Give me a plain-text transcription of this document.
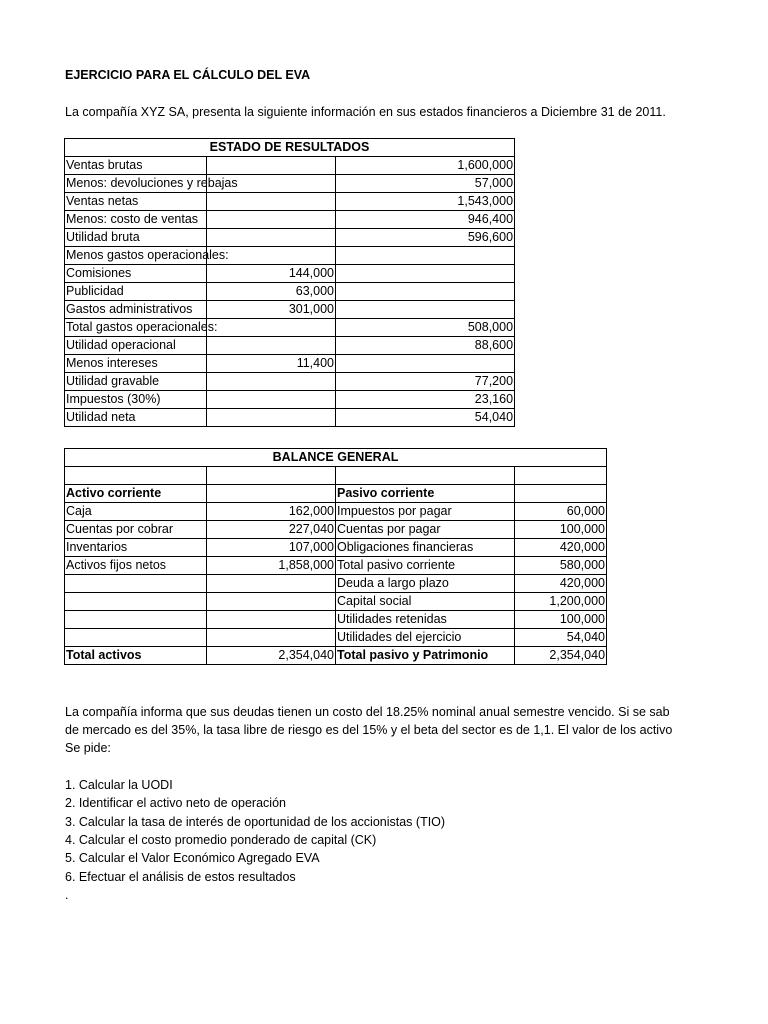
EJERCICIO PARA EL CÁLCULO DEL EVA
La compañía XYZ SA, presenta la siguiente información en sus estados financieros a Diciembre 31 de 2011.
ESTADO DE RESULTADOS		
Ventas brutas		1,600,000
Menos: devoluciones y rebajas		57,000
Ventas netas		1,543,000
Menos: costo de ventas		946,400
Utilidad bruta		596,600
Menos gastos operacionales:		
Comisiones	144,000	
Publicidad	63,000	
Gastos administrativos	301,000	
Total gastos operacionales:		508,000
Utilidad operacional		88,600
Menos intereses	11,400	
Utilidad gravable		77,200
Impuestos (30%)		23,160
Utilidad neta		54,040
BALANCE GENERAL			

Activo corriente		Pasivo corriente	
Caja	162,000	Impuestos por pagar	60,000
Cuentas por cobrar	227,040	Cuentas por pagar	100,000
Inventarios	107,000	Obligaciones financieras	420,000
Activos fijos netos	1,858,000	Total pasivo corriente	580,000
		Deuda a largo plazo	420,000
		Capital social	1,200,000
		Utilidades retenidas	100,000
		Utilidades del ejercicio	54,040
Total activos	2,354,040	Total pasivo y Patrimonio	2,354,040
La compañía informa que sus deudas tienen un costo del 18.25% nominal anual semestre vencido. Si se sab
de mercado es del 35%, la tasa libre de riesgo es del 15% y el beta del sector es de 1,1. El valor de los activo
Se pide:
1. Calcular la UODI
2. Identificar el activo neto de operación
3. Calcular la tasa de interés de oportunidad de los accionistas (TIO)
4. Calcular el costo promedio ponderado de capital (CK)
5. Calcular el Valor Económico Agregado EVA
6. Efectuar el análisis de estos resultados
.
